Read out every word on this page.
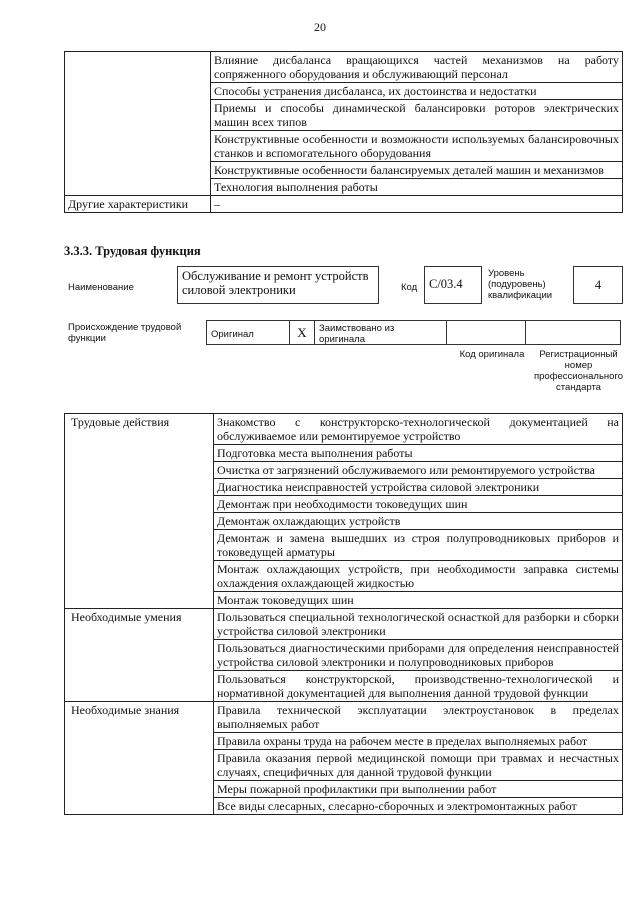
20
	Влияние дисбаланса вращающихся частей механизмов на работу сопряженного оборудования и обслуживающий персонал
	Способы устранения дисбаланса, их достоинства и недостатки
	Приемы и способы динамической балансировки роторов электрических машин всех типов
	Конструктивные особенности и возможности используемых балансировочных станков и вспомогательного оборудования
	Конструктивные особенности балансируемых деталей машин и механизмов
	Технология выполнения работы
Другие характеристики	–
3.3.3. Трудовая функция
Наименование
Обслуживание и ремонт устройств силовой электроники	Код С/03.4
Уровень (подуровень) квалификации
4
Происхождение трудовой функции	Оригинал	X	Заимствовано из оригинала
Код оригинала	Регистрационный номер профессионального стандарта
Трудовые действия	Знакомство с конструкторско-технологической документацией на обслуживаемое или ремонтируемое устройство
	Подготовка места выполнения работы
	Очистка от загрязнений обслуживаемого или ремонтируемого устройства
	Диагностика неисправностей устройства силовой электроники
	Демонтаж при необходимости токоведущих шин
	Демонтаж охлаждающих устройств
	Демонтаж и замена вышедших из строя полупроводниковых приборов и токоведущей арматуры
	Монтаж охлаждающих устройств, при необходимости заправка системы охлаждения охлаждающей жидкостью
	Монтаж токоведущих шин
Необходимые умения	Пользоваться специальной технологической оснасткой для разборки и сборки устройства силовой электроники
	Пользоваться диагностическими приборами для определения неисправностей устройства силовой электроники и полупроводниковых приборов
	Пользоваться конструкторской, производственно-технологической и нормативной документацией для выполнения данной трудовой функции
Необходимые знания	Правила технической эксплуатации электроустановок в пределах выполняемых работ
	Правила охраны труда на рабочем месте в пределах выполняемых работ
	Правила оказания первой медицинской помощи при травмах и несчастных случаях, специфичных для данной трудовой функции
	Меры пожарной профилактики при выполнении работ
	Все виды слесарных, слесарно-сборочных и электромонтажных работ
